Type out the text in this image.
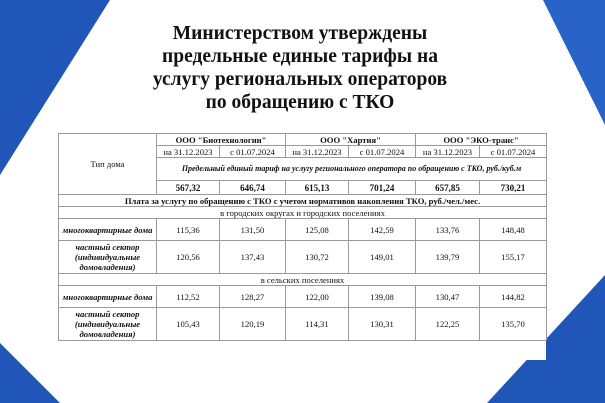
Министерством утверждены предельные единые тарифы на услугу региональных операторов по обращению с ТКО
Тип дома	ООО "Биотехнологии"		ООО "Хартия"		ООО "ЭКО-транс"	
	на 31.12.2023	с 01.07.2024	на 31.12.2023	с 01.07.2024	на 31.12.2023	с 01.07.2024
	Предельный единый тариф на услугу регионального оператора по обращению с ТКО, руб./куб.м					
	567,32	646,74	615,13	701,24	657,85	730,21
Плата за услугу по обращению с ТКО с учетом нормативов накопления ТКО, руб./чел./мес.						
в городских округах и городских поселениях						
многоквартирные дома	115,36	131,50	125,08	142,59	133,76	148,48
частный сектор (индивидуальные домовладения)	120,56	137,43	130,72	149,01	139,79	155,17
в сельских поселениях						
многоквартирные дома	112,52	128,27	122,00	139,08	130,47	144,82
частный сектор (индивидуальные домовладения)	105,43	120,19	114,31	130,31	122,25	135,70
